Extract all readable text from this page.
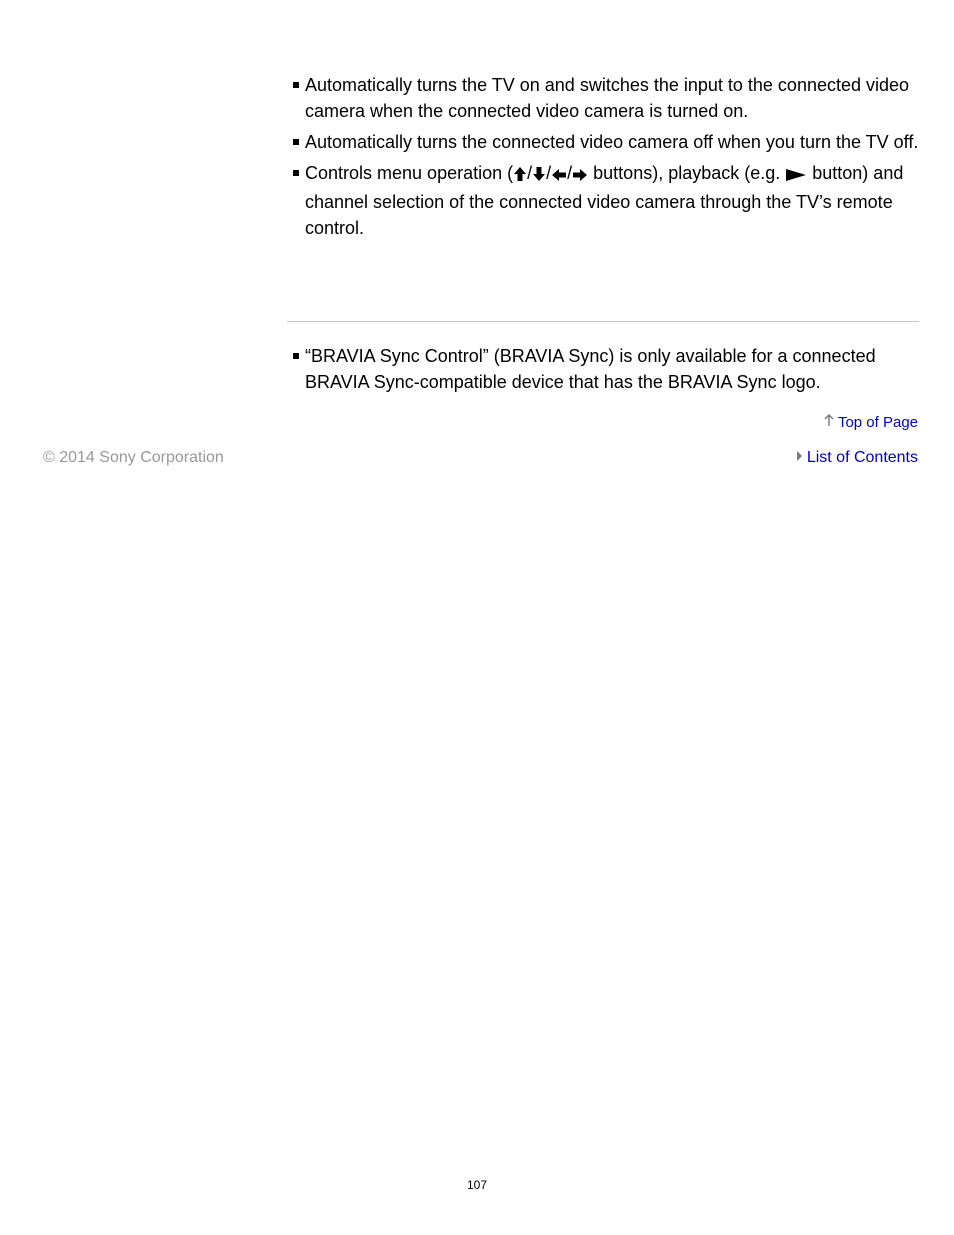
Automatically turns the TV on and switches the input to the connected video camera when the connected video camera is turned on.
Automatically turns the connected video camera off when you turn the TV off.
Controls menu operation ( / / / buttons), playback (e.g.  button) and channel selection of the connected video camera through the TV’s remote control.
“BRAVIA Sync Control” (BRAVIA Sync) is only available for a connected BRAVIA Sync-compatible device that has the BRAVIA Sync logo.
Top of Page
© 2014 Sony Corporation	List of Contents
107
